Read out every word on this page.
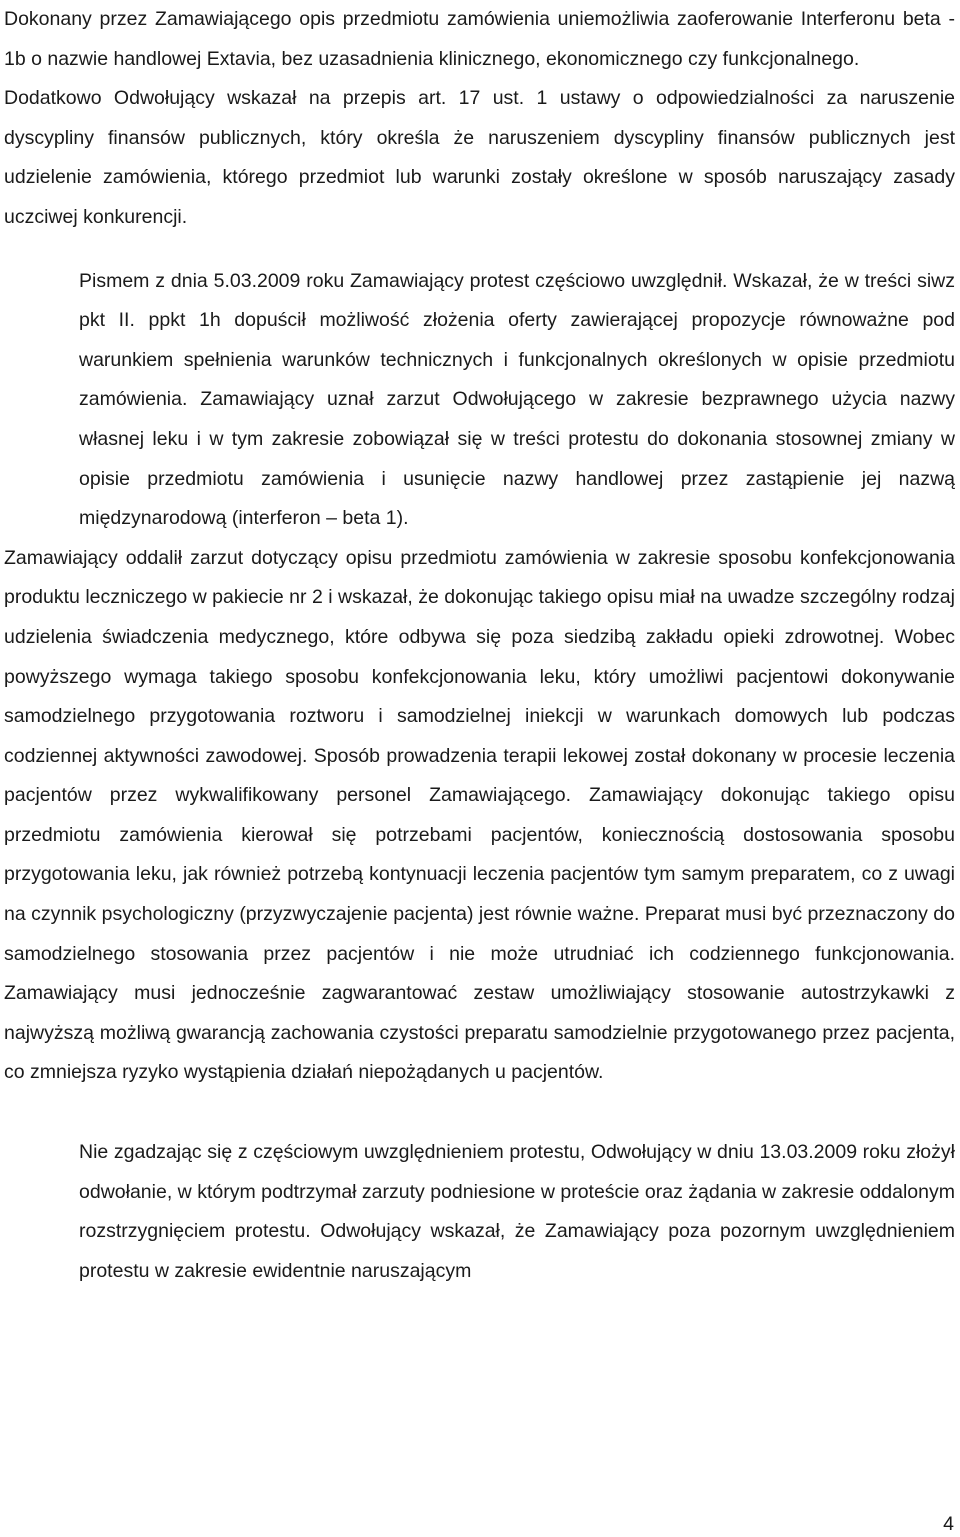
Dokonany przez Zamawiającego opis przedmiotu zamówienia uniemożliwia zaoferowanie Interferonu beta - 1b o nazwie handlowej Extavia, bez uzasadnienia klinicznego, ekonomicznego czy funkcjonalnego.

Dodatkowo Odwołujący wskazał na przepis art. 17 ust. 1 ustawy o odpowiedzialności za naruszenie dyscypliny finansów publicznych, który określa że naruszeniem dyscypliny finansów publicznych jest udzielenie zamówienia, którego przedmiot lub warunki zostały określone w sposób naruszający zasady uczciwej konkurencji.

Pismem z dnia 5.03.2009 roku Zamawiający protest częściowo uwzględnił. Wskazał, że w treści siwz pkt II. ppkt 1h dopuścił możliwość złożenia oferty zawierającej propozycje równoważne pod warunkiem spełnienia warunków technicznych i funkcjonalnych określonych w opisie przedmiotu zamówienia. Zamawiający uznał zarzut Odwołującego w zakresie bezprawnego użycia nazwy własnej leku i w tym zakresie zobowiązał się w treści protestu do dokonania stosownej zmiany w opisie przedmiotu zamówienia i usunięcie nazwy handlowej przez zastąpienie jej nazwą międzynarodową (interferon – beta 1).

Zamawiający oddalił zarzut dotyczący opisu przedmiotu zamówienia w zakresie sposobu konfekcjonowania produktu leczniczego w pakiecie nr 2 i wskazał, że dokonując takiego opisu miał na uwadze szczególny rodzaj udzielenia świadczenia medycznego, które odbywa się poza siedzibą zakładu opieki zdrowotnej. Wobec powyższego wymaga takiego sposobu konfekcjonowania leku, który umożliwi pacjentowi dokonywanie samodzielnego przygotowania roztworu i samodzielnej iniekcji w warunkach domowych lub podczas codziennej aktywności zawodowej. Sposób prowadzenia terapii lekowej został dokonany w procesie leczenia pacjentów przez wykwalifikowany personel Zamawiającego. Zamawiający dokonując takiego opisu przedmiotu zamówienia kierował się potrzebami pacjentów, koniecznością dostosowania sposobu przygotowania leku, jak również potrzebą kontynuacji leczenia pacjentów tym samym preparatem, co z uwagi na czynnik psychologiczny (przyzwyczajenie pacjenta) jest równie ważne. Preparat musi być przeznaczony do samodzielnego stosowania przez pacjentów i nie może utrudniać ich codziennego funkcjonowania. Zamawiający musi jednocześnie zagwarantować zestaw umożliwiający stosowanie autostrzykawki z najwyższą możliwą gwarancją zachowania czystości preparatu samodzielnie przygotowanego przez pacjenta, co zmniejsza ryzyko wystąpienia działań niepożądanych u pacjentów.

Nie zgadzając się z częściowym uwzględnieniem protestu, Odwołujący w dniu 13.03.2009 roku złożył odwołanie, w którym podtrzymał zarzuty podniesione w proteście oraz żądania w zakresie oddalonym rozstrzygnięciem protestu. Odwołujący wskazał, że Zamawiający poza pozornym uwzględnieniem protestu w zakresie ewidentnie naruszającym

4
